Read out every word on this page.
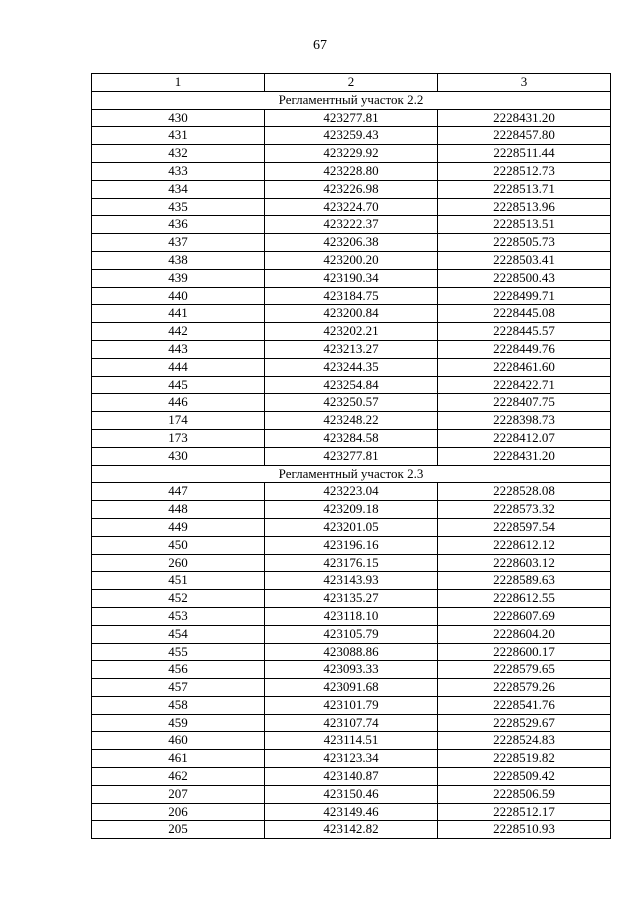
67
1	2	3
Регламентный участок 2.2		
430	423277.81	2228431.20
431	423259.43	2228457.80
432	423229.92	2228511.44
433	423228.80	2228512.73
434	423226.98	2228513.71
435	423224.70	2228513.96
436	423222.37	2228513.51
437	423206.38	2228505.73
438	423200.20	2228503.41
439	423190.34	2228500.43
440	423184.75	2228499.71
441	423200.84	2228445.08
442	423202.21	2228445.57
443	423213.27	2228449.76
444	423244.35	2228461.60
445	423254.84	2228422.71
446	423250.57	2228407.75
174	423248.22	2228398.73
173	423284.58	2228412.07
430	423277.81	2228431.20
Регламентный участок 2.3		
447	423223.04	2228528.08
448	423209.18	2228573.32
449	423201.05	2228597.54
450	423196.16	2228612.12
260	423176.15	2228603.12
451	423143.93	2228589.63
452	423135.27	2228612.55
453	423118.10	2228607.69
454	423105.79	2228604.20
455	423088.86	2228600.17
456	423093.33	2228579.65
457	423091.68	2228579.26
458	423101.79	2228541.76
459	423107.74	2228529.67
460	423114.51	2228524.83
461	423123.34	2228519.82
462	423140.87	2228509.42
207	423150.46	2228506.59
206	423149.46	2228512.17
205	423142.82	2228510.93
